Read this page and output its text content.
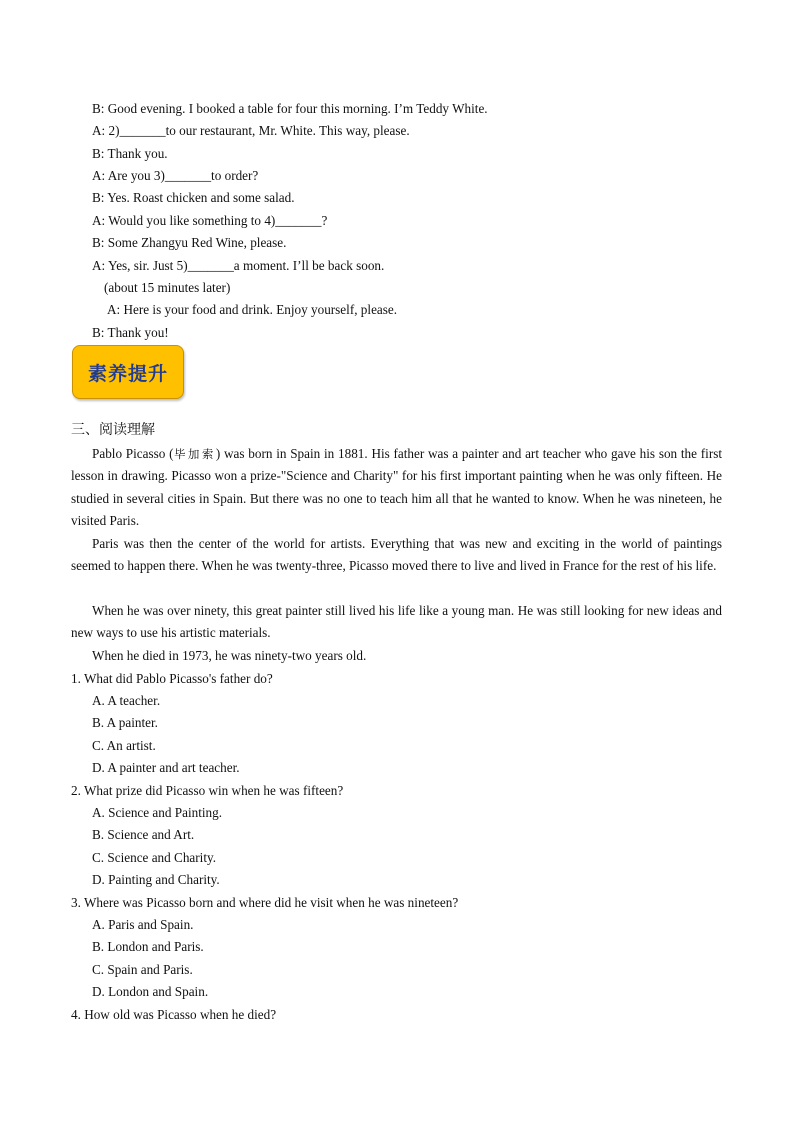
B: Good evening. I booked a table for four this morning. I’m Teddy White.
A: 2)_______to our restaurant, Mr. White. This way, please.
B: Thank you.
A: Are you 3)_______to order?
B: Yes. Roast chicken and some salad.
A: Would you like something to 4)_______?
B: Some Zhangyu Red Wine, please.
A: Yes, sir. Just 5)_______a moment. I’ll be back soon.
(about 15 minutes later)
A: Here is your food and drink. Enjoy yourself, please.
B: Thank you!
素养提升
三、阅读理解
Pablo Picasso (毕加索) was born in Spain in 1881. His father was a painter and art teacher who gave his son the first lesson in drawing. Picasso won a prize-"Science and Charity" for his first important painting when he was only fifteen. He studied in several cities in Spain. But there was no one to teach him all that he wanted to know. When he was nineteen, he visited Paris.
Paris was then the center of the world for artists. Everything that was new and exciting in the world of paintings seemed to happen there. When he was twenty-three, Picasso moved there to live and lived in France for the rest of his life.
When he was over ninety, this great painter still lived his life like a young man. He was still looking for new ideas and new ways to use his artistic materials.
When he died in 1973, he was ninety-two years old.
1. What did Pablo Picasso's father do?
A. A teacher.
B. A painter.
C. An artist.
D. A painter and art teacher.
2. What prize did Picasso win when he was fifteen?
A. Science and Painting.
B. Science and Art.
C. Science and Charity.
D. Painting and Charity.
3. Where was Picasso born and where did he visit when he was nineteen?
A. Paris and Spain.
B. London and Paris.
C. Spain and Paris.
D. London and Spain.
4. How old was Picasso when he died?
